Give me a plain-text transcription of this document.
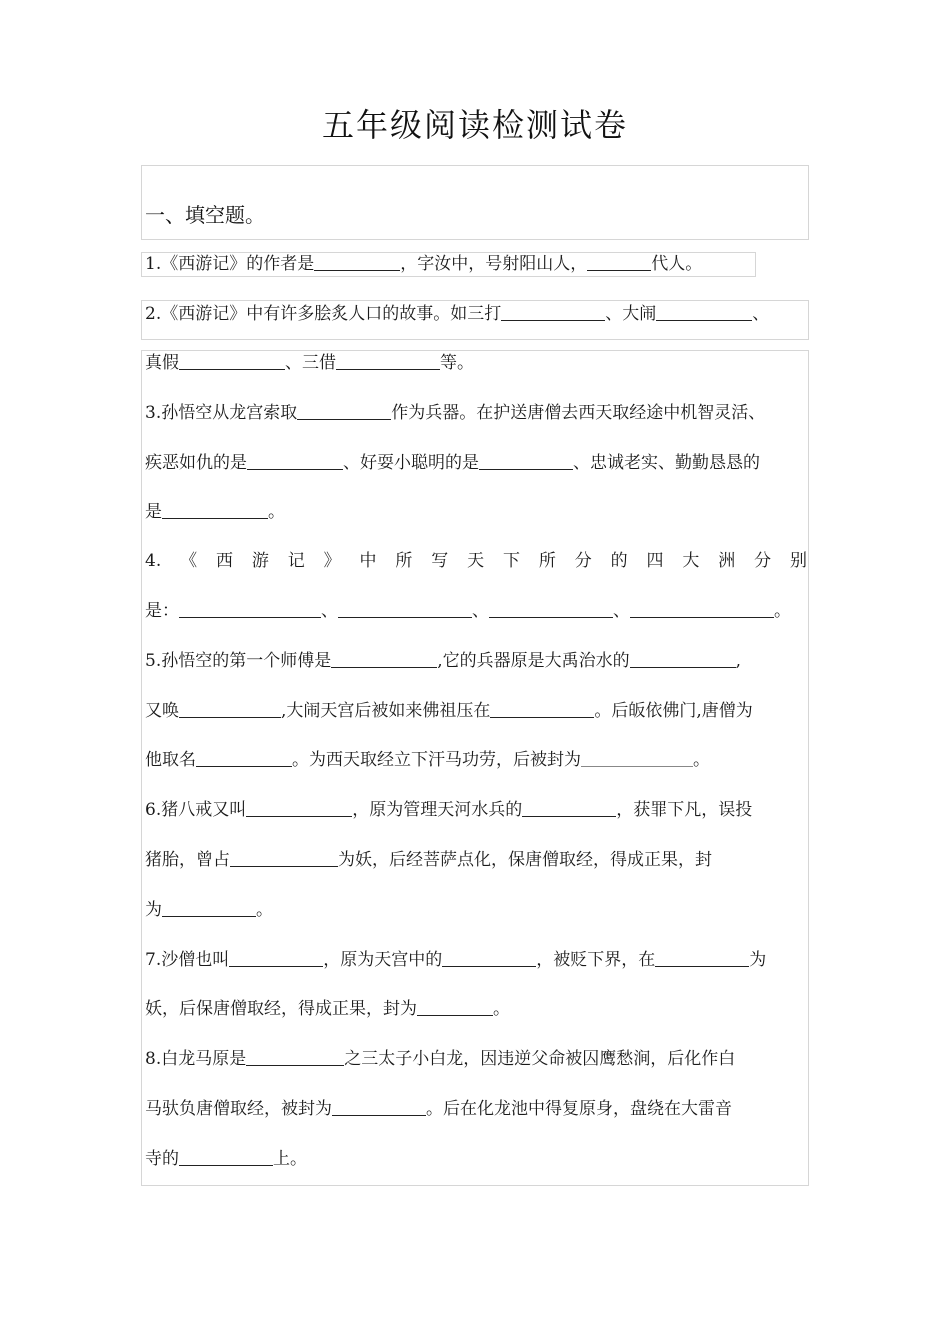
五年级阅读检测试卷
一、填空题。
1.《西游记》的作者是	，字汝中，号射阳山人，	代人。
2.《西游记》中有许多脍炙人口的故事。如三打	、大闹	、
真假	、三借	等。
3.孙悟空从龙宫索取	作为兵器。在护送唐僧去西天取经途中机智灵活、
疾恶如仇的是	、好耍小聪明的是	、忠诚老实、勤勤恳恳的
是	。
4. 《 西 游 记 》 中 所 写 天 下 所 分 的 四 大 洲 分 别
是：	、	、	、	。
5.孙悟空的第一个师傅是	,它的兵器原是大禹治水的	,
又唤	,大闹天宫后被如来佛祖压在	。后皈依佛门,唐僧为
他取名	。为西天取经立下汗马功劳，后被封为	。
6.猪八戒又叫	，原为管理天河水兵的	，获罪下凡，误投
猪胎，曾占	为妖，后经菩萨点化，保唐僧取经，得成正果，封
为	。
7.沙僧也叫	，原为天宫中的	，被贬下界，在	为
妖，后保唐僧取经，得成正果，封为	。
8.白龙马原是	之三太子小白龙，因违逆父命被囚鹰愁涧，后化作白
马驮负唐僧取经，被封为	。后在化龙池中得复原身，盘绕在大雷音
寺的	上。
